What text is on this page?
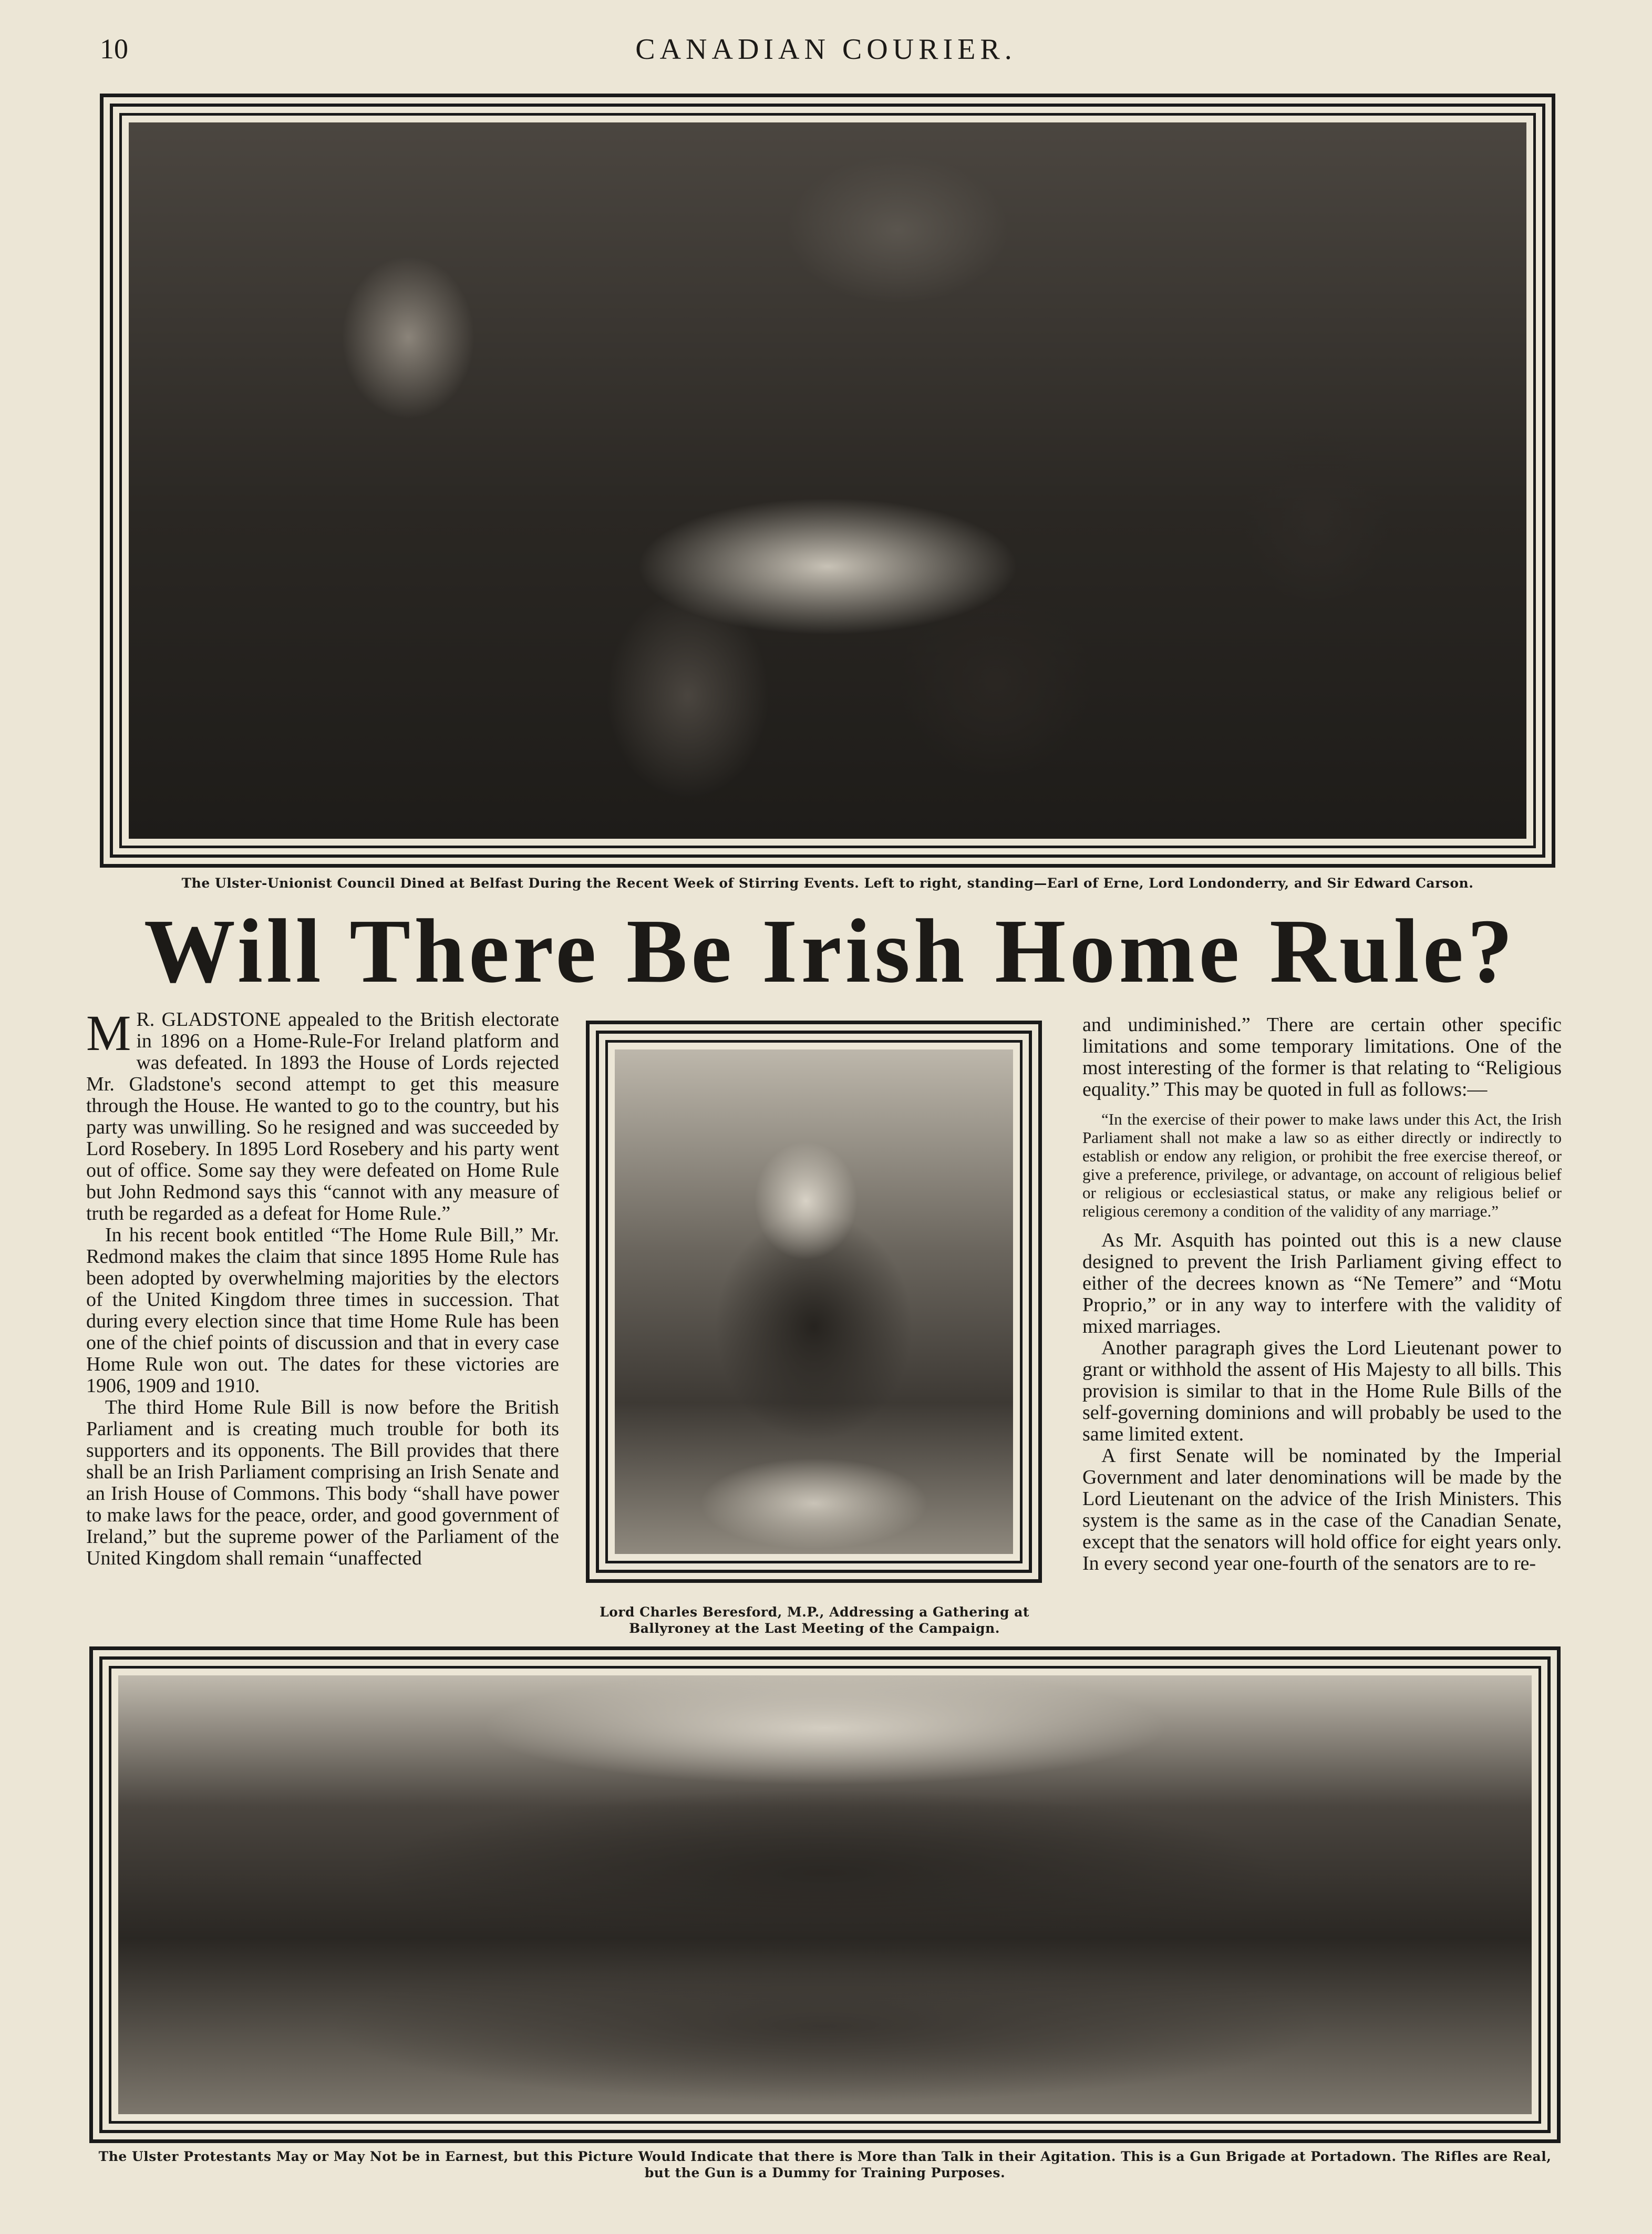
10	CANADIAN COURIER.
The Ulster-Unionist Council Dined at Belfast During the Recent Week of Stirring Events. Left to right, standing—Earl of Erne, Lord Londonderry, and Sir Edward Carson.
Will There Be Irish Home Rule?

M R. GLADSTONE appealed to the British electorate in 1896 on a Home-Rule-For Ireland platform and was defeated. In 1893 the House of Lords rejected Mr. Gladstone's second attempt to get this measure through the House. He wanted to go to the country, but his party was unwilling. So he resigned and was succeeded by Lord Rosebery. In 1895 Lord Rosebery and his party went out of office. Some say they were defeated on Home Rule but John Redmond says this “cannot with any measure of truth be regarded as a defeat for Home Rule.”

In his recent book entitled “The Home Rule Bill,” Mr. Redmond makes the claim that since 1895 Home Rule has been adopted by overwhelming majorities by the electors of the United Kingdom three times in succession. That during every election since that time Home Rule has been one of the chief points of discussion and that in every case Home Rule won out. The dates for these victories are 1906, 1909 and 1910.

The third Home Rule Bill is now before the British Parliament and is creating much trouble for both its supporters and its opponents. The Bill provides that there shall be an Irish Parliament comprising an Irish Senate and an Irish House of Commons. This body “shall have power to make laws for the peace, order, and good government of Ireland,” but the supreme power of the Parliament of the United Kingdom shall remain “unaffected

Lord Charles Beresford, M.P., Addressing a Gathering at Ballyroney at the Last Meeting of the Campaign.

and undiminished.” There are certain other specific limitations and some temporary limitations. One of the most interesting of the former is that relating to “Religious equality.” This may be quoted in full as follows:—

“In the exercise of their power to make laws under this Act, the Irish Parliament shall not make a law so as either directly or indirectly to establish or endow any religion, or prohibit the free exercise thereof, or give a preference, privilege, or advantage, on account of religious belief or religious or ecclesiastical status, or make any religious belief or religious ceremony a condition of the validity of any marriage.”

As Mr. Asquith has pointed out this is a new clause designed to prevent the Irish Parliament giving effect to either of the decrees known as “Ne Temere” and “Motu Proprio,” or in any way to interfere with the validity of mixed marriages.

Another paragraph gives the Lord Lieutenant power to grant or withhold the assent of His Majesty to all bills. This provision is similar to that in the Home Rule Bills of the self-governing dominions and will probably be used to the same limited extent.

A first Senate will be nominated by the Imperial Government and later denominations will be made by the Lord Lieutenant on the advice of the Irish Ministers. This system is the same as in the case of the Canadian Senate, except that the senators will hold office for eight years only. In every second year one-fourth of the senators are to re-

The Ulster Protestants May or May Not be in Earnest, but this Picture Would Indicate that there is More than Talk in their Agitation. This is a Gun Brigade at Portadown. The Rifles are Real, but the Gun is a Dummy for Training Purposes.
